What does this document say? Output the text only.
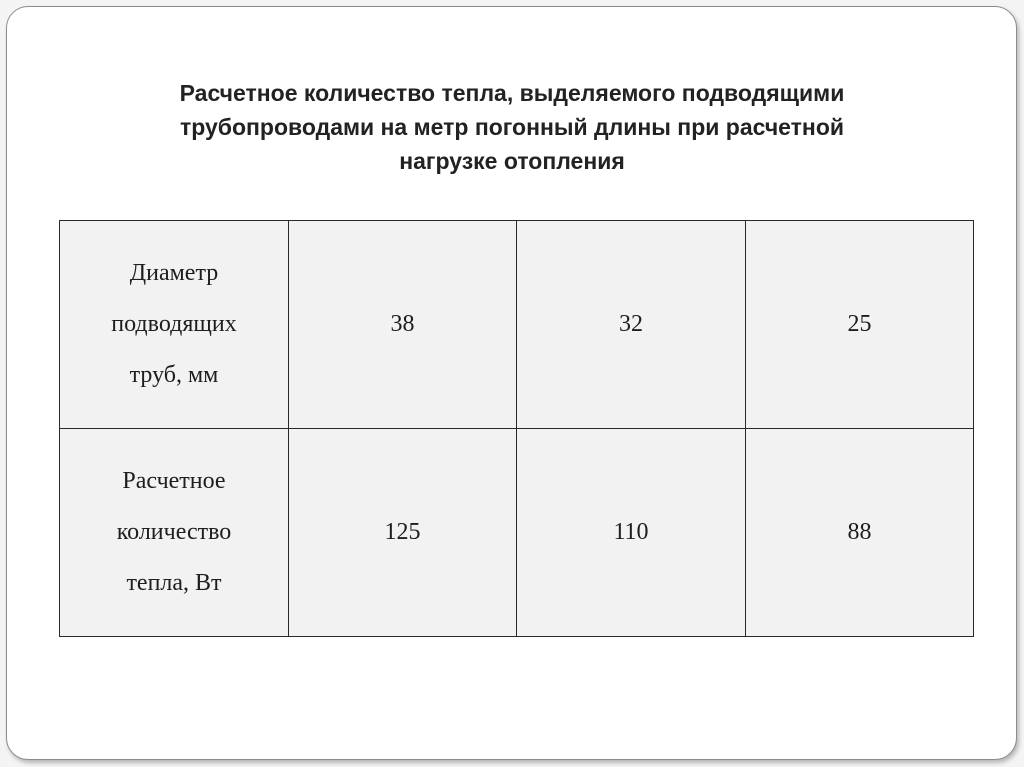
Расчетное количество тепла, выделяемого подводящими
трубопроводами на метр погонный длины при расчетной
нагрузке отопления
Диаметр
подводящих
труб, мм	38	32	25

Расчетное
количество
тепла, Вт	125	110	88
